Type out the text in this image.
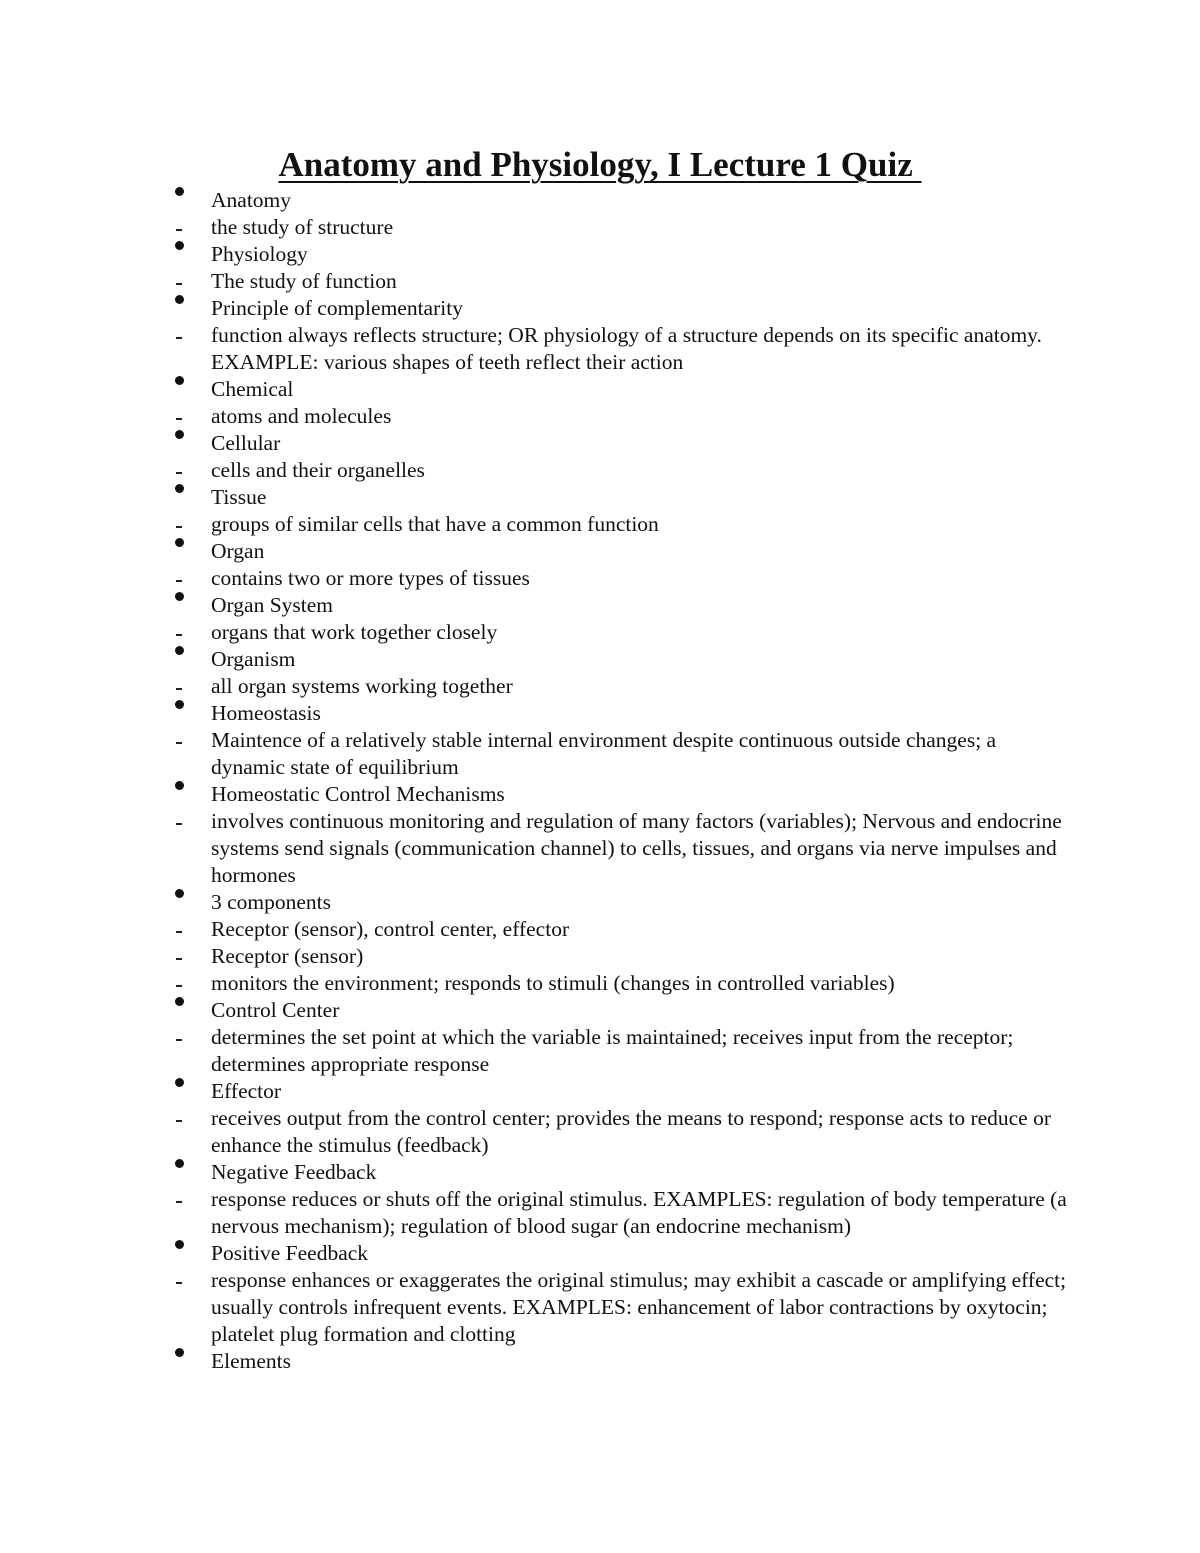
Anatomy and Physiology, I Lecture 1 Quiz
Anatomy
the study of structure
Physiology
The study of function
Principle of complementarity
function always reflects structure; OR physiology of a structure depends on its specific anatomy. EXAMPLE: various shapes of teeth reflect their action
Chemical
atoms and molecules
Cellular
cells and their organelles
Tissue
groups of similar cells that have a common function
Organ
contains two or more types of tissues
Organ System
organs that work together closely
Organism
all organ systems working together
Homeostasis
Maintence of a relatively stable internal environment despite continuous outside changes; a dynamic state of equilibrium
Homeostatic Control Mechanisms
involves continuous monitoring and regulation of many factors (variables); Nervous and endocrine systems send signals (communication channel) to cells, tissues, and organs via nerve impulses and hormones
3 components
Receptor (sensor), control center, effector
Receptor (sensor)
monitors the environment; responds to stimuli (changes in controlled variables)
Control Center
determines the set point at which the variable is maintained; receives input from the receptor; determines appropriate response
Effector
receives output from the control center; provides the means to respond; response acts to reduce or enhance the stimulus (feedback)
Negative Feedback
response reduces or shuts off the original stimulus. EXAMPLES: regulation of body temperature (a nervous mechanism); regulation of blood sugar (an endocrine mechanism)
Positive Feedback
response enhances or exaggerates the original stimulus; may exhibit a cascade or amplifying effect; usually controls infrequent events. EXAMPLES: enhancement of labor contractions by oxytocin; platelet plug formation and clotting
Elements
